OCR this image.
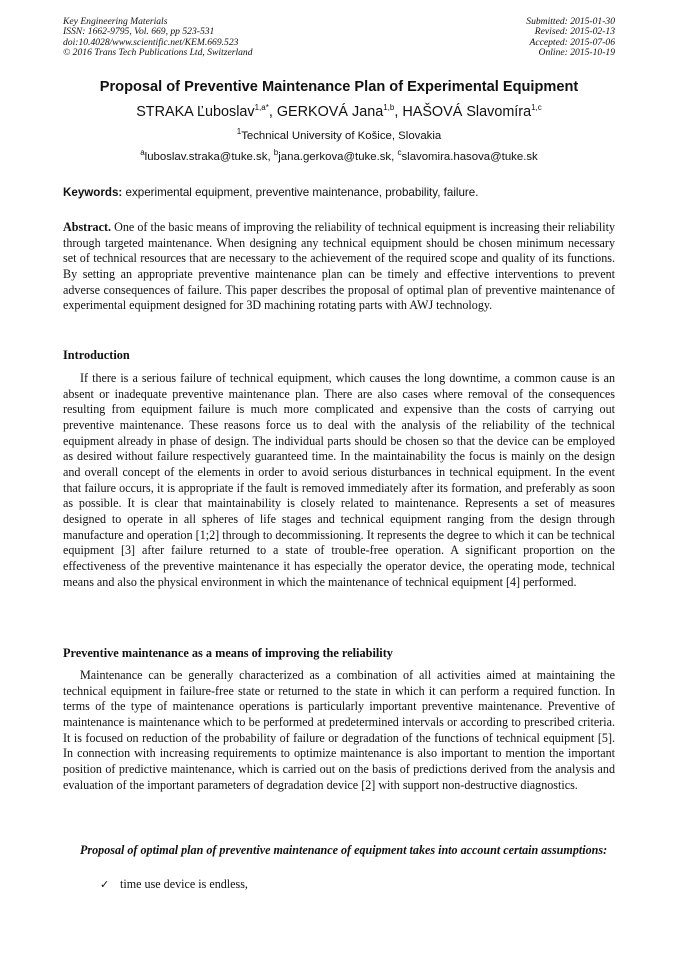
Key Engineering Materials
ISSN: 1662-9795, Vol. 669, pp 523-531
doi:10.4028/www.scientific.net/KEM.669.523
© 2016 Trans Tech Publications Ltd, Switzerland
Submitted: 2015-01-30
Revised: 2015-02-13
Accepted: 2015-07-06
Online: 2015-10-19
Proposal of Preventive Maintenance Plan of Experimental Equipment
STRAKA Ľuboslav$^{1,a*}$, GERKOVÁ Jana$^{1,b}$, HAŠOVÁ Slavomíra$^{1,c}$
$^1$Technical University of Košice, Slovakia
$^a$luboslav.straka@tuke.sk, $^b$jana.gerkova@tuke.sk, $^c$slavomira.hasova@tuke.sk
Keywords: experimental equipment, preventive maintenance, probability, failure.

Abstract. One of the basic means of improving the reliability of technical equipment is increasing their reliability through targeted maintenance. When designing any technical equipment should be chosen minimum necessary set of technical resources that are necessary to the achievement of the required scope and quality of its functions. By setting an appropriate preventive maintenance plan can be timely and effective interventions to prevent adverse consequences of failure. This paper describes the proposal of optimal plan of preventive maintenance of experimental equipment designed for 3D machining rotating parts with AWJ technology.

Introduction

If there is a serious failure of technical equipment, which causes the long downtime, a common cause is an absent or inadequate preventive maintenance plan. There are also cases where removal of the consequences resulting from equipment failure is much more complicated and expensive than the costs of carrying out preventive maintenance. These reasons force us to deal with the analysis of the reliability of the technical equipment already in phase of design. The individual parts should be chosen so that the device can be employed as desired without failure respectively guaranteed time. In the maintainability the focus is mainly on the design and overall concept of the elements in order to avoid serious disturbances in technical equipment. In the event that failure occurs, it is appropriate if the fault is removed immediately after its formation, and preferably as soon as possible. It is clear that maintainability is closely related to maintenance. Represents a set of measures designed to operate in all spheres of life stages and technical equipment ranging from the design through manufacture and operation [1;2] through to decommissioning. It represents the degree to which it can be technical equipment [3] after failure returned to a state of trouble-free operation. A significant proportion on the effectiveness of the preventive maintenance it has especially the operator device, the operating mode, technical means and also the physical environment in which the maintenance of technical equipment [4] performed.

Preventive maintenance as a means of improving the reliability

Maintenance can be generally characterized as a combination of all activities aimed at maintaining the technical equipment in failure-free state or returned to the state in which it can perform a required function. In terms of the type of maintenance operations is particularly important preventive maintenance. Preventive of maintenance is maintenance which to be performed at predetermined intervals or according to prescribed criteria. It is focused on reduction of the probability of failure or degradation of the functions of technical equipment [5]. In connection with increasing requirements to optimize maintenance is also important to mention the important position of predictive maintenance, which is carried out on the basis of predictions derived from the analysis and evaluation of the important parameters of degradation device [2] with support non-destructive diagnostics.

Proposal of optimal plan of preventive maintenance of equipment takes into account certain assumptions:
✓ time use device is endless,
